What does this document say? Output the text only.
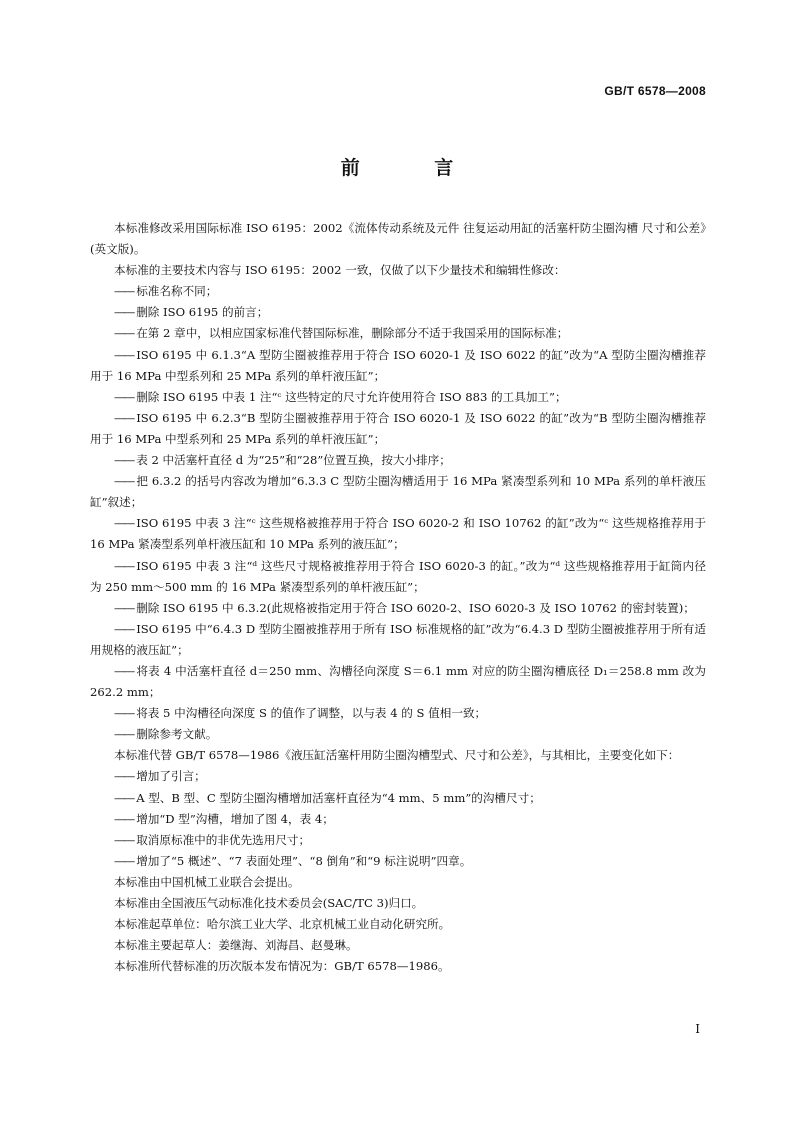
GB/T 6578—2008
前 言

本标准修改采用国际标准 ISO 6195：2002《流体传动系统及元件 往复运动用缸的活塞杆防尘圈沟槽 尺寸和公差》(英文版)。

本标准的主要技术内容与 ISO 6195：2002 一致，仅做了以下少量技术和编辑性修改：

—— 标准名称不同；

—— 删除 ISO 6195 的前言；

—— 在第 2 章中，以相应国家标准代替国际标准，删除部分不适于我国采用的国际标准；

—— ISO 6195 中 6.1.3“A 型防尘圈被推荐用于符合 ISO 6020-1 及 ISO 6022 的缸”改为“A 型防尘圈沟槽推荐用于 16 MPa 中型系列和 25 MPa 系列的单杆液压缸”；

—— 删除 ISO 6195 中表 1 注“ᶜ 这些特定的尺寸允许使用符合 ISO 883 的工具加工”；

—— ISO 6195 中 6.2.3“B 型防尘圈被推荐用于符合 ISO 6020-1 及 ISO 6022 的缸”改为“B 型防尘圈沟槽推荐用于 16 MPa 中型系列和 25 MPa 系列的单杆液压缸”；

—— 表 2 中活塞杆直径 d 为“25”和“28”位置互换，按大小排序；

—— 把 6.3.2 的括号内容改为增加“6.3.3 C 型防尘圈沟槽适用于 16 MPa 紧凑型系列和 10 MPa 系列的单杆液压缸”叙述；

—— ISO 6195 中表 3 注“ᶜ 这些规格被推荐用于符合 ISO 6020-2 和 ISO 10762 的缸”改为“ᶜ 这些规格推荐用于 16 MPa 紧凑型系列单杆液压缸和 10 MPa 系列的液压缸”；

—— ISO 6195 中表 3 注“ᵈ 这些尺寸规格被推荐用于符合 ISO 6020-3 的缸。”改为“ᵈ 这些规格推荐用于缸筒内径为 250 mm～500 mm 的 16 MPa 紧凑型系列的单杆液压缸”；

—— 删除 ISO 6195 中 6.3.2(此规格被指定用于符合 ISO 6020-2、ISO 6020-3 及 ISO 10762 的密封装置)；

—— ISO 6195 中“6.4.3 D 型防尘圈被推荐用于所有 ISO 标准规格的缸”改为“6.4.3 D 型防尘圈被推荐用于所有适用规格的液压缸”；

—— 将表 4 中活塞杆直径 d＝250 mm、沟槽径向深度 S＝6.1 mm 对应的防尘圈沟槽底径 D₁＝258.8 mm 改为 262.2 mm；

—— 将表 5 中沟槽径向深度 S 的值作了调整，以与表 4 的 S 值相一致；

—— 删除参考文献。

本标准代替 GB/T 6578—1986《液压缸活塞杆用防尘圈沟槽型式、尺寸和公差》，与其相比，主要变化如下：

—— 增加了引言；

—— A 型、B 型、C 型防尘圈沟槽增加活塞杆直径为“4 mm、5 mm”的沟槽尺寸；

—— 增加“D 型”沟槽，增加了图 4，表 4；

—— 取消原标准中的非优先选用尺寸；

—— 增加了“5 概述”、“7 表面处理”、“8 倒角”和“9 标注说明”四章。

本标准由中国机械工业联合会提出。

本标准由全国液压气动标准化技术委员会(SAC/TC 3)归口。

本标准起草单位：哈尔滨工业大学、北京机械工业自动化研究所。

本标准主要起草人：姜继海、刘海昌、赵曼琳。

本标准所代替标准的历次版本发布情况为：GB/T 6578—1986。

I
